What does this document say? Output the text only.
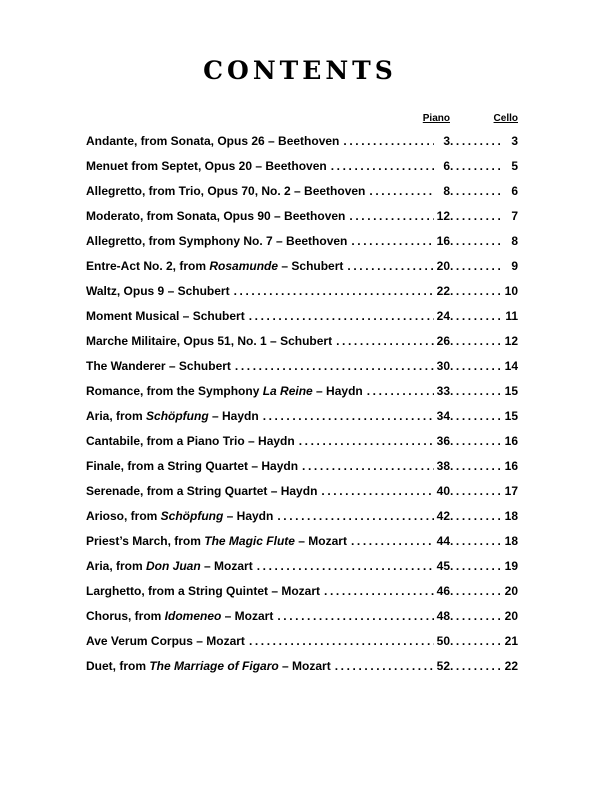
CONTENTS
Piano	Cello
Andante, from Sonata, Opus 26 – Beethoven .....	3 .....	3
Menuet from Septet, Opus 20 – Beethoven .....	6 .....	5
Allegretto, from Trio, Opus 70, No. 2 – Beethoven .....	8 .....	6
Moderato, from Sonata, Opus 90 – Beethoven .....	12 .....	7
Allegretto, from Symphony No. 7 – Beethoven .....	16 .....	8
Entre-Act No. 2, from Rosamunde – Schubert .....	20 .....	9
Waltz, Opus 9 – Schubert .....	22 .....	10
Moment Musical – Schubert .....	24 .....	11
Marche Militaire, Opus 51, No. 1 – Schubert .....	26 .....	12
The Wanderer – Schubert .....	30 .....	14
Romance, from the Symphony La Reine – Haydn .....	33 .....	15
Aria, from Schöpfung – Haydn .....	34 .....	15
Cantabile, from a Piano Trio – Haydn .....	36 .....	16
Finale, from a String Quartet – Haydn .....	38 .....	16
Serenade, from a String Quartet – Haydn .....	40 .....	17
Arioso, from Schöpfung – Haydn .....	42 .....	18
Priest’s March, from The Magic Flute – Mozart .....	44 .....	18
Aria, from Don Juan – Mozart .....	45 .....	19
Larghetto, from a String Quintet – Mozart .....	46 .....	20
Chorus, from Idomeneo – Mozart .....	48 .....	20
Ave Verum Corpus – Mozart .....	50 .....	21
Duet, from The Marriage of Figaro – Mozart .....	52 .....	22
